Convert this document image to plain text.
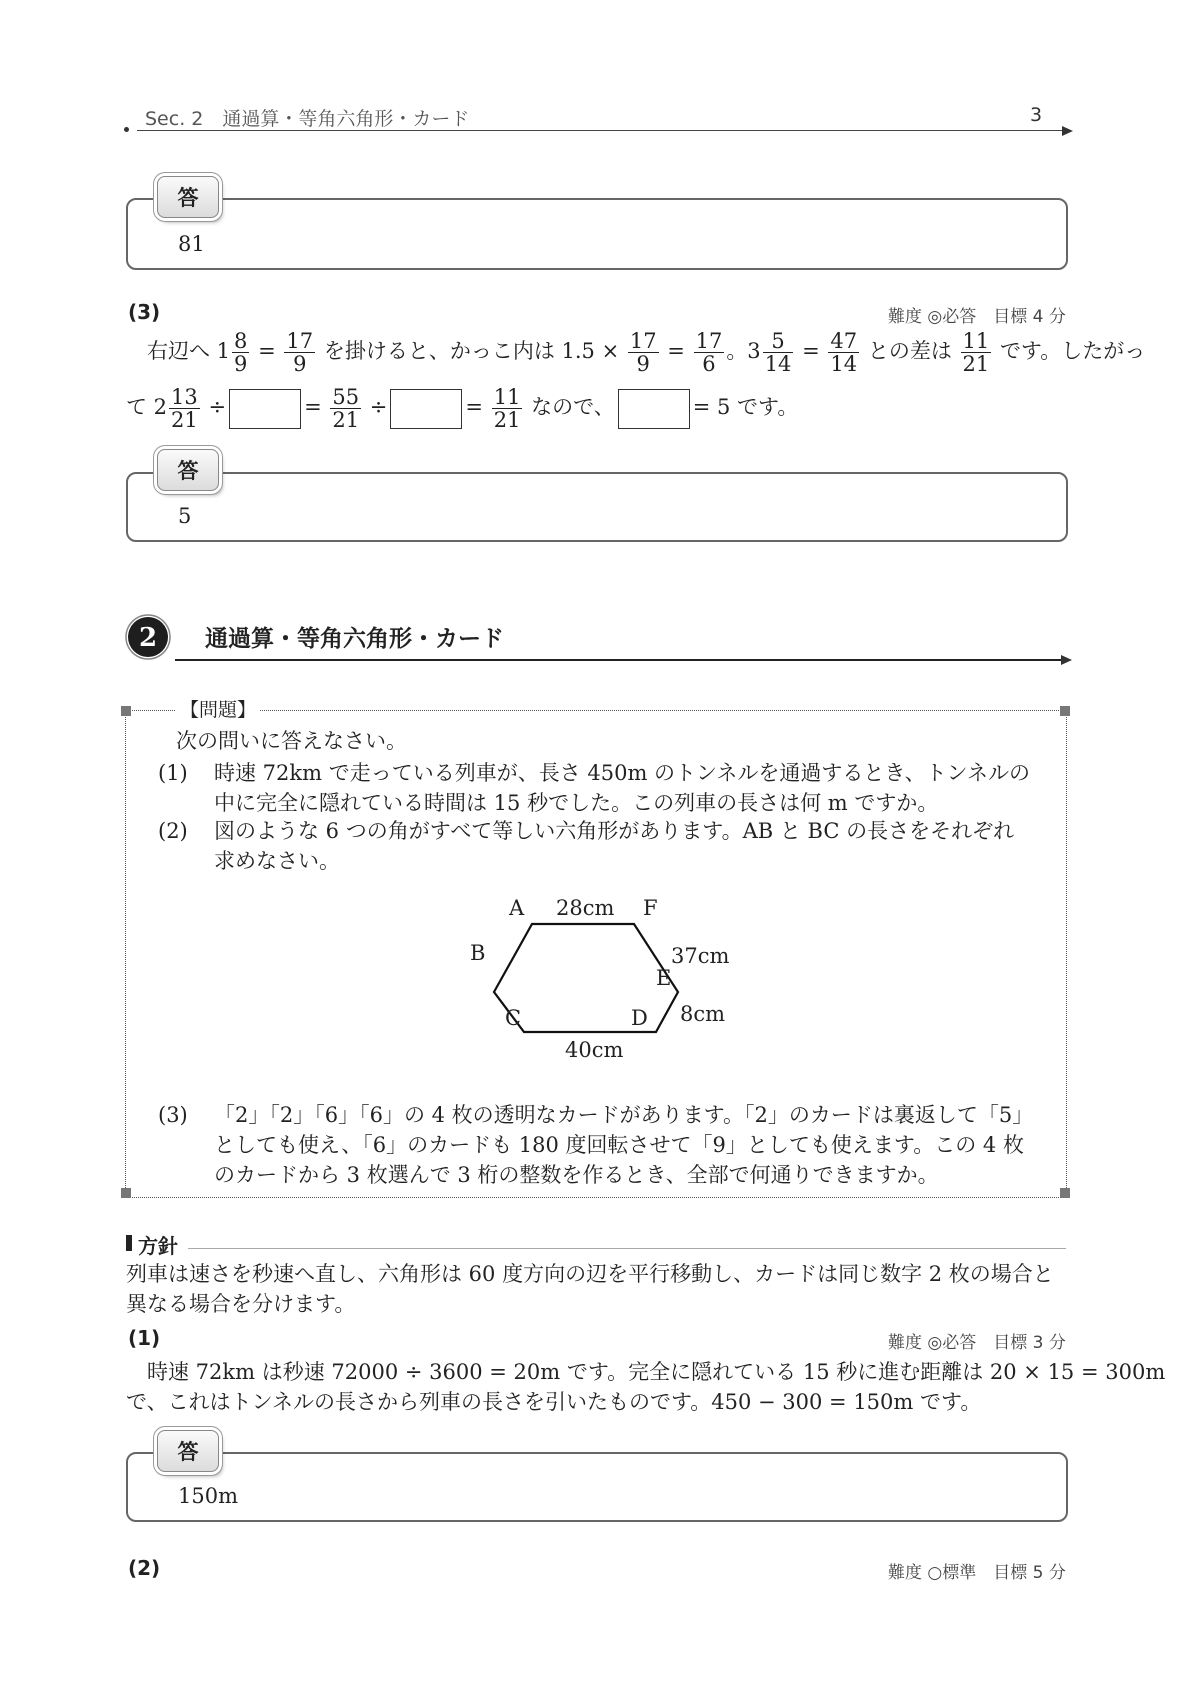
Sec. 2　通過算・等角六角形・カード	3
81
答
(3)	難度 ◎必答　目標 4 分
右辺へ $1 \frac{8}{9} = \frac{17}{9}$ を掛けると、かっこ内は $1.5 \times \frac{17}{9} = \frac{17}{6}$ 。$3 \frac{5}{14} = \frac{47}{14}$ との差は $\frac{11}{21}$ です。したがっ
て $2 \frac{13}{21}$ ÷	= $\frac{55}{21}$ ÷	= $\frac{11}{21}$ なので、	= 5 です。
5
答
2 通過算・等角六角形・カード
【問題】
次の問いに答えなさい。
(1) 時速 72km で走っている列車が、長さ 450m のトンネルを通過するとき、トンネルの
中に完全に隠れている時間は 15 秒でした。この列車の長さは何 m ですか。
(2) 図のような 6 つの角がすべて等しい六角形があります。AB と BC の長さをそれぞれ
求めなさい。
A	F
B
C	D
E
28cm
37cm
8cm
40cm
(3) 「2」「2」「6」「6」の 4 枚の透明なカードがあります。「2」のカードは裏返して「5」
としても使え、「6」のカードも 180 度回転させて「9」としても使えます。この 4 枚
のカードから 3 枚選んで 3 桁の整数を作るとき、全部で何通りできますか。
方針
列車は速さを秒速へ直し、六角形は 60 度方向の辺を平行移動し、カードは同じ数字 2 枚の場合と
異なる場合を分けます。
(1)	難度 ◎必答　目標 3 分
時速 72km は秒速 72000 ÷ 3600 = 20m です。完全に隠れている 15 秒に進む距離は 20 × 15 = 300m
で、これはトンネルの長さから列車の長さを引いたものです。450 − 300 = 150m です。
150m
答
(2)	難度 ○標準　目標 5 分
